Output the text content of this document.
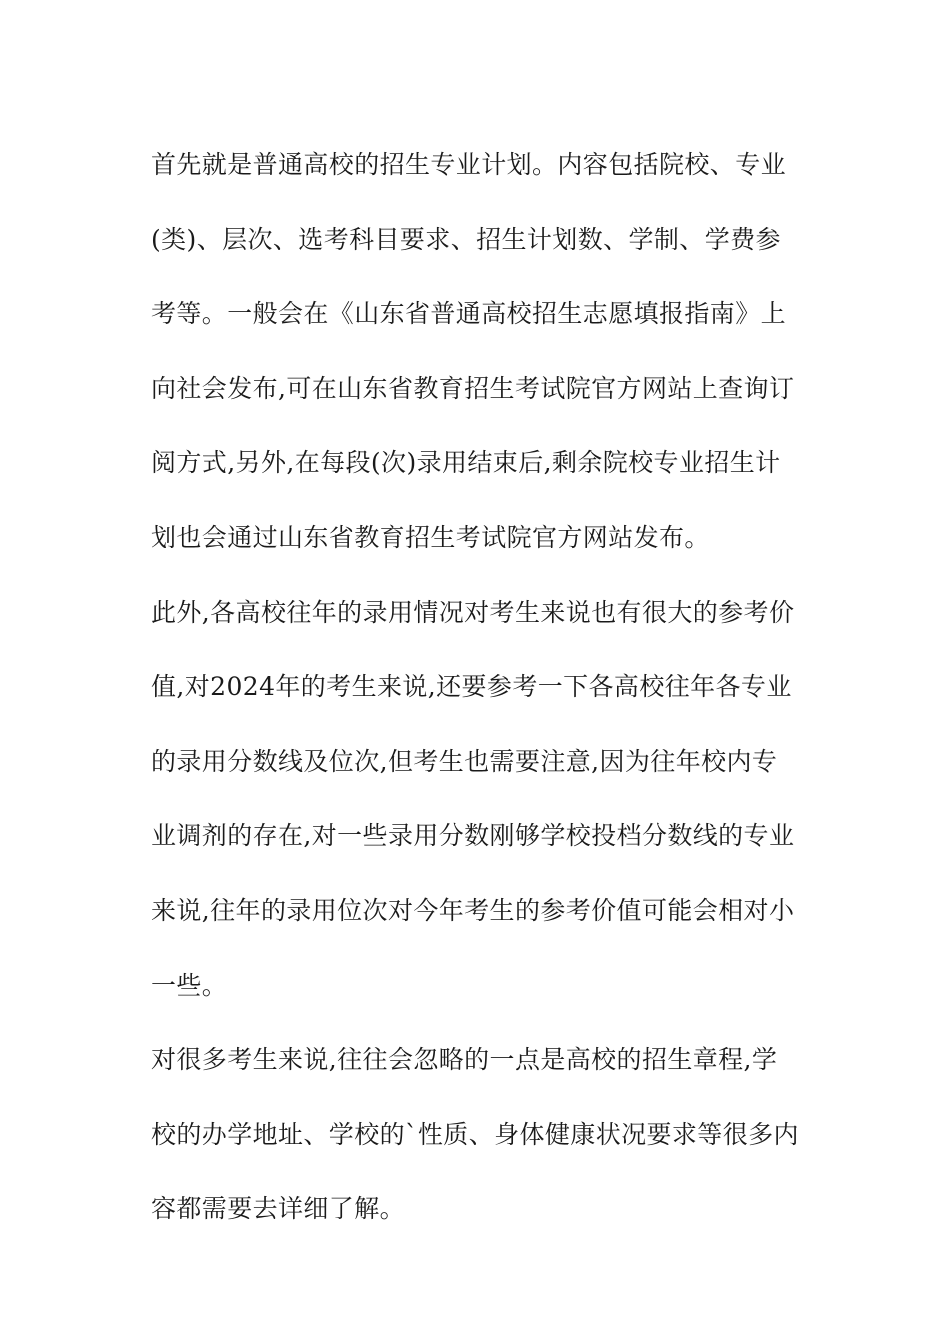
首先就是普通高校的招生专业计划。内容包括院校、专业
(类)、层次、选考科目要求、招生计划数、学制、学费参
考等。一般会在《山东省普通高校招生志愿填报指南》上
向社会发布,可在山东省教育招生考试院官方网站上查询订
阅方式,另外,在每段(次)录用结束后,剩余院校专业招生计
划也会通过山东省教育招生考试院官方网站发布。

此外,各高校往年的录用情况对考生来说也有很大的参考价
值,对2024年的考生来说,还要参考一下各高校往年各专业
的录用分数线及位次,但考生也需要注意,因为往年校内专
业调剂的存在,对一些录用分数刚够学校投档分数线的专业
来说,往年的录用位次对今年考生的参考价值可能会相对小
一些。

对很多考生来说,往往会忽略的一点是高校的招生章程,学
校的办学地址、学校的`性质、身体健康状况要求等很多内
容都需要去详细了解。
